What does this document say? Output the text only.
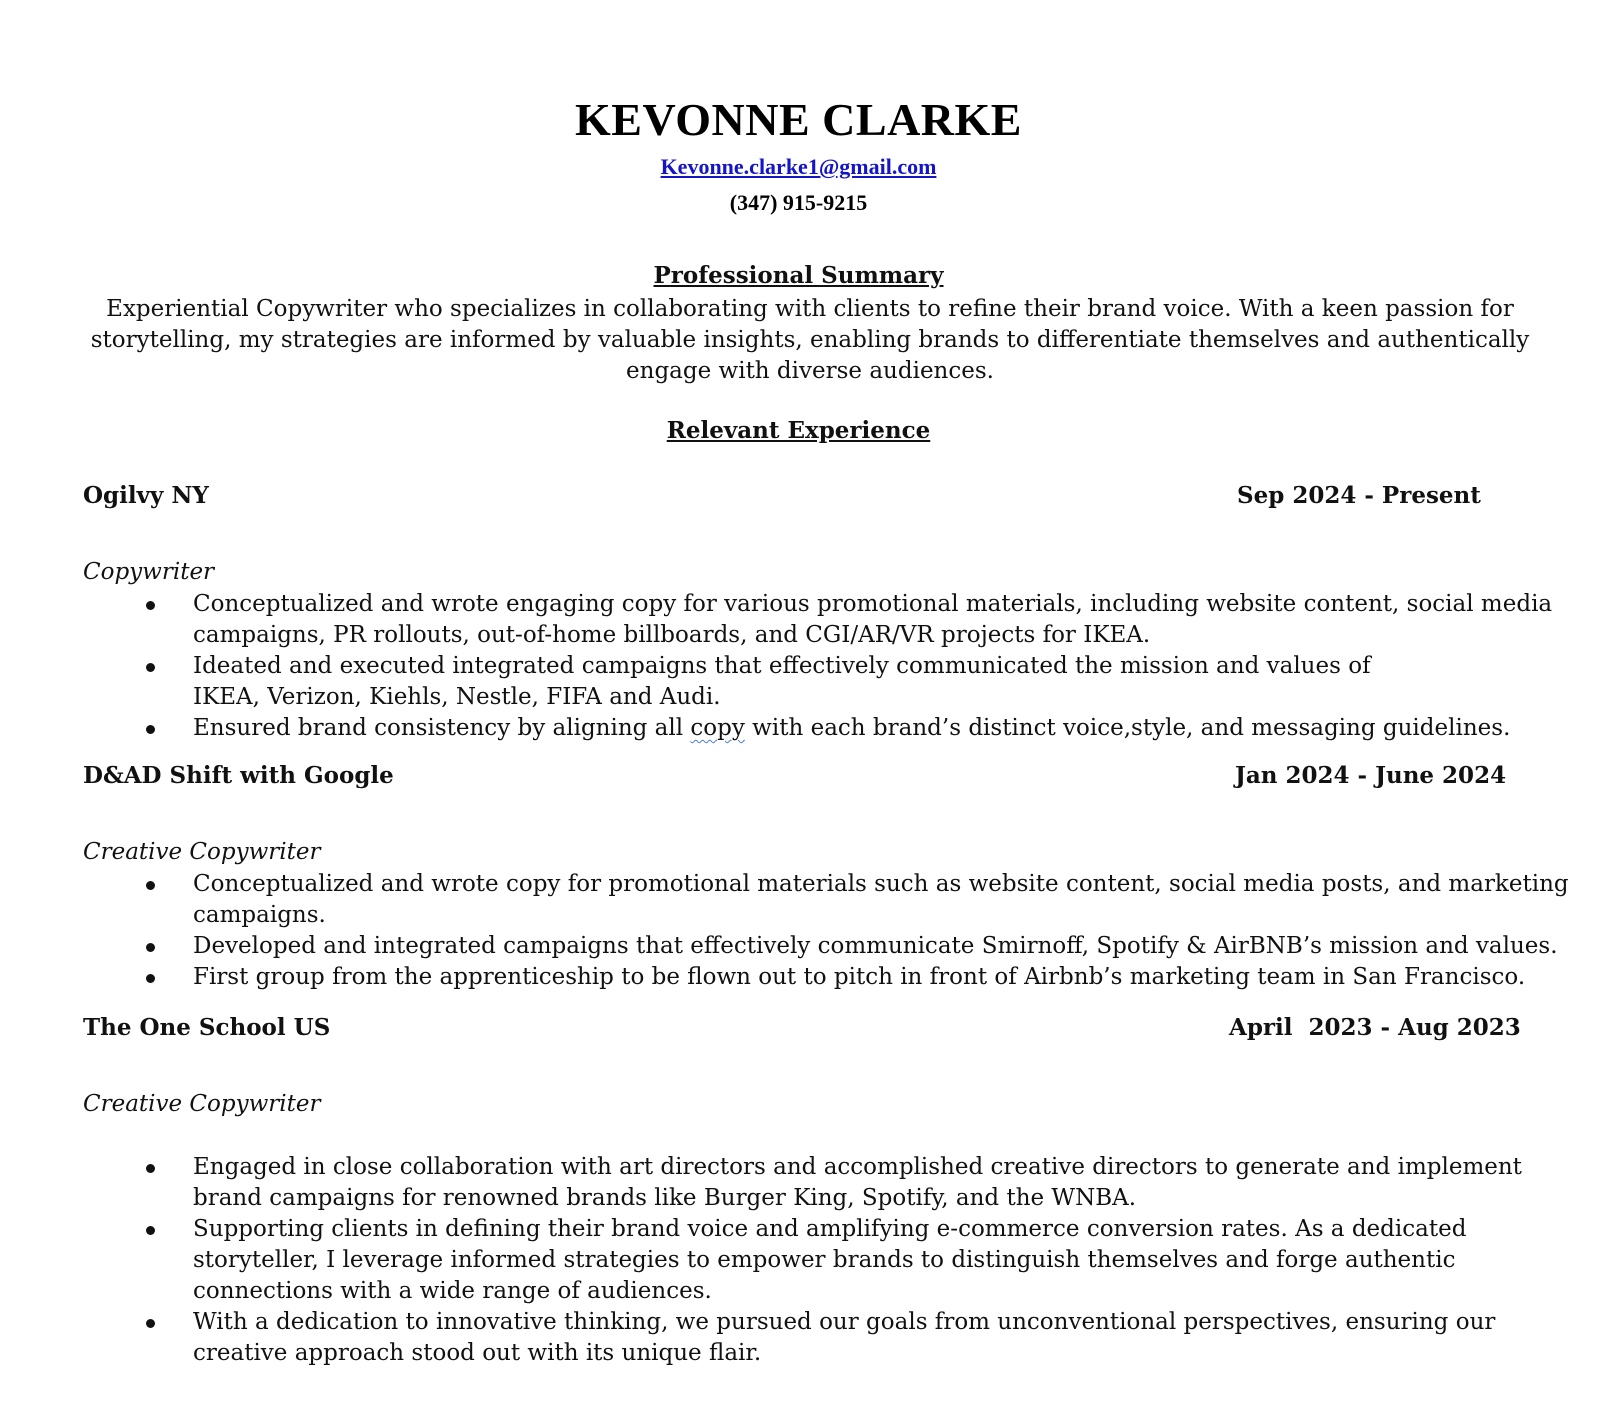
KEVONNE CLARKE
Kevonne.clarke1@gmail.com
(347) 915-9215
Professional Summary
Experiential Copywriter who specializes in collaborating with clients to refine their brand voice. With a keen passion for
storytelling, my strategies are informed by valuable insights, enabling brands to differentiate themselves and authentically
engage with diverse audiences.
Relevant Experience
Ogilvy NY	Sep 2024 - Present
Copywriter
Conceptualized and wrote engaging copy for various promotional materials, including website content, social media
campaigns, PR rollouts, out-of-home billboards, and CGI/AR/VR projects for IKEA.
Ideated and executed integrated campaigns that effectively communicated the mission and values of
IKEA, Verizon, Kiehls, Nestle, FIFA and Audi.
Ensured brand consistency by aligning all copy with each brand’s distinct voice,style, and messaging guidelines.
D&AD Shift with Google	Jan 2024 - June 2024
Creative Copywriter
Conceptualized and wrote copy for promotional materials such as website content, social media posts, and marketing
campaigns.
Developed and integrated campaigns that effectively communicate Smirnoff, Spotify & AirBNB’s mission and values.
First group from the apprenticeship to be flown out to pitch in front of Airbnb’s marketing team in San Francisco.
The One School US	April  2023 - Aug 2023
Creative Copywriter
Engaged in close collaboration with art directors and accomplished creative directors to generate and implement
brand campaigns for renowned brands like Burger King, Spotify, and the WNBA.
Supporting clients in defining their brand voice and amplifying e-commerce conversion rates. As a dedicated
storyteller, I leverage informed strategies to empower brands to distinguish themselves and forge authentic
connections with a wide range of audiences.
With a dedication to innovative thinking, we pursued our goals from unconventional perspectives, ensuring our
creative approach stood out with its unique flair.
